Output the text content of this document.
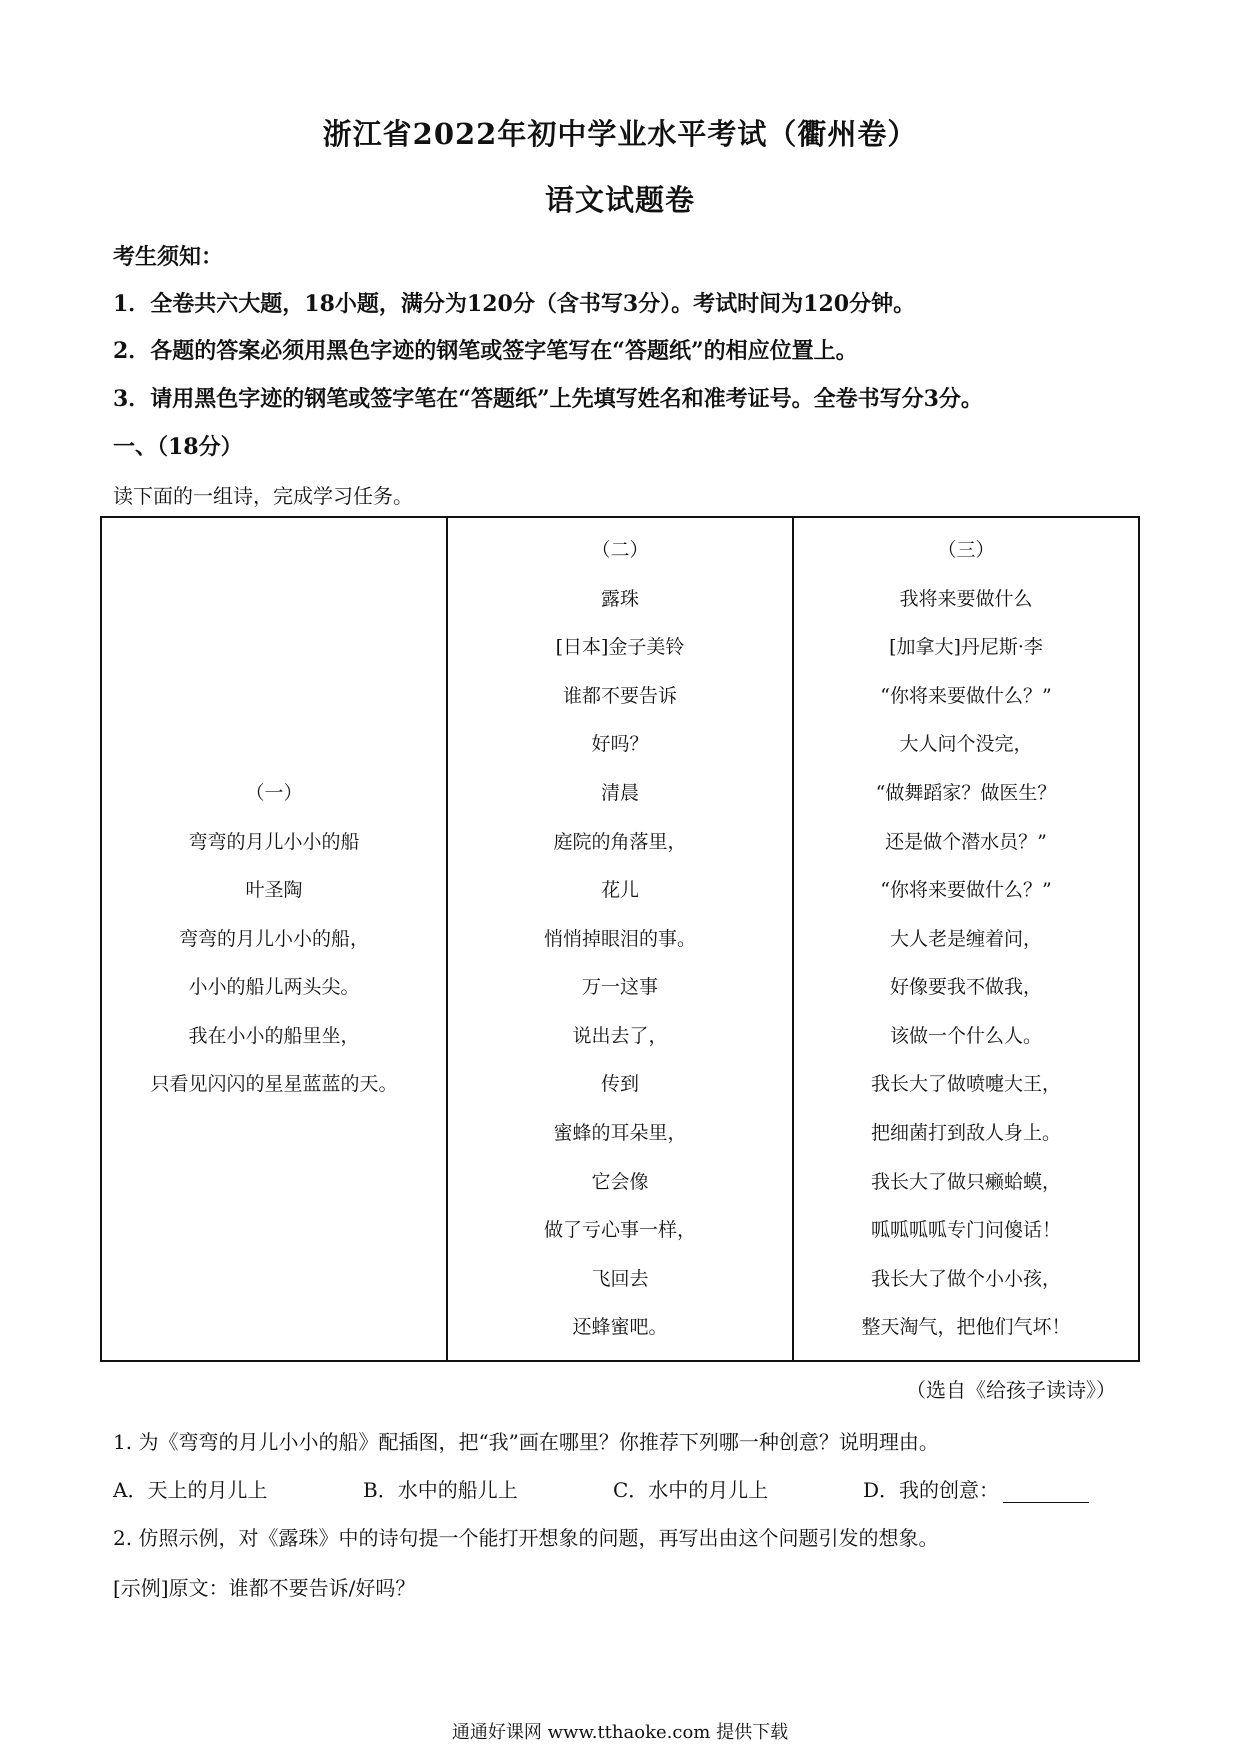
浙江省2022年初中学业水平考试（衢州卷）
语文试题卷
考生须知：
1．全卷共六大题，18小题，满分为120分（含书写3分）。考试时间为120分钟。
2．各题的答案必须用黑色字迹的钢笔或签字笔写在“答题纸”的相应位置上。
3．请用黑色字迹的钢笔或签字笔在“答题纸”上先填写姓名和准考证号。全卷书写分3分。
一、（18分）
读下面的一组诗，完成学习任务。
（一）
弯弯的月儿小小的船
叶圣陶
弯弯的月儿小小的船，
小小的船儿两头尖。
我在小小的船里坐，
只看见闪闪的星星蓝蓝的天。

（二）
露珠
[日本]金子美铃
谁都不要告诉
好吗？
清晨
庭院的角落里，
花儿
悄悄掉眼泪的事。
万一这事
说出去了，
传到
蜜蜂的耳朵里，
它会像
做了亏心事一样，
飞回去
还蜂蜜吧。

（三）
我将来要做什么
[加拿大]丹尼斯·李
“你将来要做什么？”
大人问个没完，
“做舞蹈家？做医生？
还是做个潜水员？”
“你将来要做什么？”
大人老是缠着问，
好像要我不做我，
该做一个什么人。
我长大了做喷嚏大王，
把细菌打到敌人身上。
我长大了做只癞蛤蟆，
呱呱呱呱专门问傻话！
我长大了做个小小孩，
整天淘气，把他们气坏！
（选自《给孩子读诗》）
1. 为《弯弯的月儿小小的船》配插图，把“我”画在哪里？你推荐下列哪一种创意？说明理由。
A．天上的月儿上	B．水中的船儿上	C．水中的月儿上	D．我的创意：
2. 仿照示例，对《露珠》中的诗句提一个能打开想象的问题，再写出由这个问题引发的想象。
[示例]原文：谁都不要告诉/好吗？
通通好课网 www.tthaoke.com 提供下载
